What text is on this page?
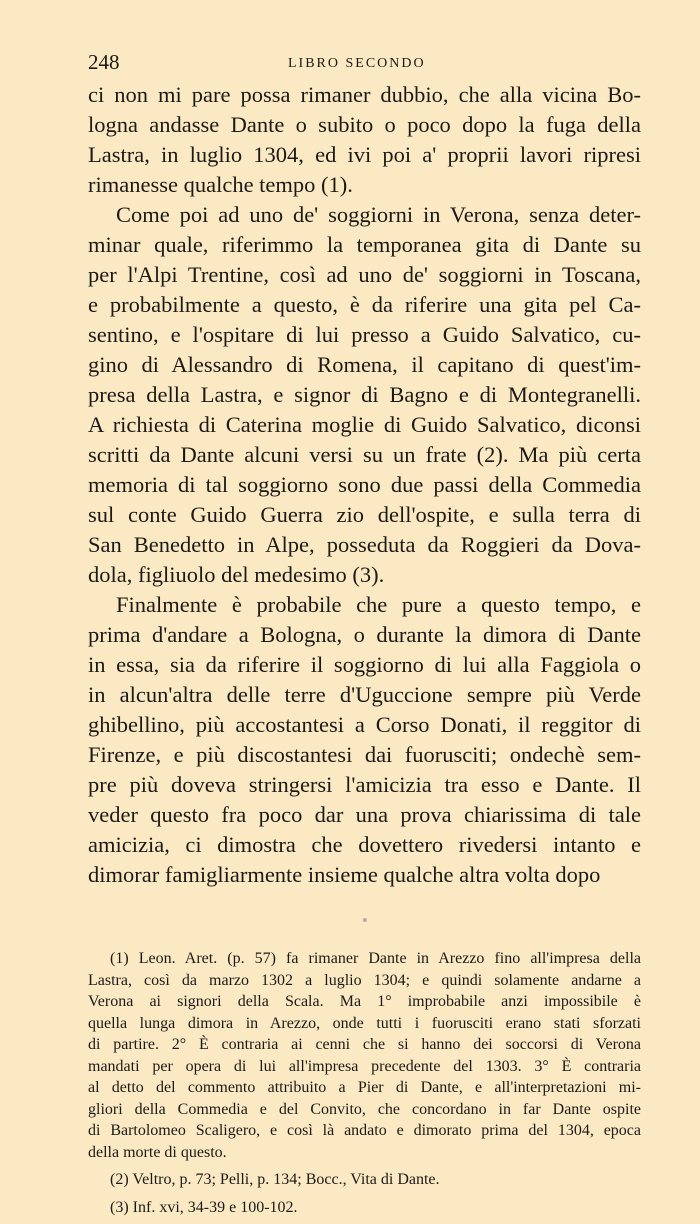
248	LIBRO SECONDO

ci non mi pare possa rimaner dubbio, che alla vicina Bo-
logna andasse Dante o subito o poco dopo la fuga della
Lastra, in luglio 1304, ed ivi poi a' proprii lavori ripresi
rimanesse qualche tempo (1).

Come poi ad uno de' soggiorni in Verona, senza deter-
minar quale, riferimmo la temporanea gita di Dante su
per l'Alpi Trentine, così ad uno de' soggiorni in Toscana,
e probabilmente a questo, è da riferire una gita pel Ca-
sentino, e l'ospitare di lui presso a Guido Salvatico, cu-
gino di Alessandro di Romena, il capitano di quest'im-
presa della Lastra, e signor di Bagno e di Montegranelli.
A richiesta di Caterina moglie di Guido Salvatico, diconsi
scritti da Dante alcuni versi su un frate (2). Ma più certa
memoria di tal soggiorno sono due passi della Commedia
sul conte Guido Guerra zio dell'ospite, e sulla terra di
San Benedetto in Alpe, posseduta da Roggieri da Dova-
dola, figliuolo del medesimo (3).

Finalmente è probabile che pure a questo tempo, e
prima d'andare a Bologna, o durante la dimora di Dante
in essa, sia da riferire il soggiorno di lui alla Faggiola o
in alcun'altra delle terre d'Uguccione sempre più Verde
ghibellino, più accostantesi a Corso Donati, il reggitor di
Firenze, e più discostantesi dai fuorusciti; ondechè sem-
pre più doveva stringersi l'amicizia tra esso e Dante. Il
veder questo fra poco dar una prova chiarissima di tale
amicizia, ci dimostra che dovettero rivedersi intanto e
dimorar famigliarmente insieme qualche altra volta dopo

(1) Leon. Aret. (p. 57) fa rimaner Dante in Arezzo fino all'impresa della
Lastra, così da marzo 1302 a luglio 1304; e quindi solamente andarne a
Verona ai signori della Scala. Ma 1° improbabile anzi impossibile è
quella lunga dimora in Arezzo, onde tutti i fuorusciti erano stati sforzati
di partire. 2° È contraria ai cenni che si hanno dei soccorsi di Verona
mandati per opera di lui all'impresa precedente del 1303. 3° È contraria
al detto del commento attribuito a Pier di Dante, e all'interpretazioni mi-
gliori della Commedia e del Convito, che concordano in far Dante ospite
di Bartolomeo Scaligero, e così là andato e dimorato prima del 1304, epoca
della morte di questo.
(2) Veltro, p. 73; Pelli, p. 134; Bocc., Vita di Dante.
(3) Inf. xvi, 34-39 e 100-102.
